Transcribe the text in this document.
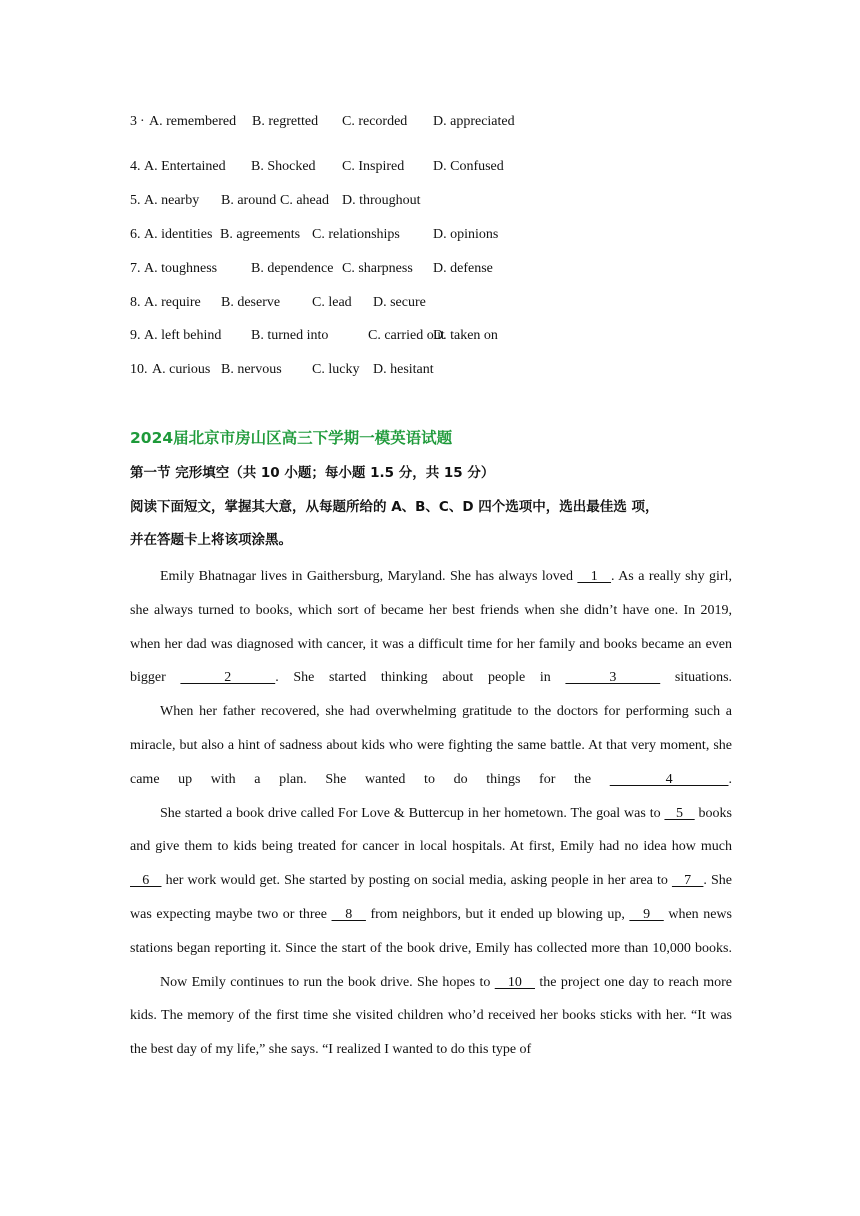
3 · A. remembered B. regretted C. recorded D. appreciated
4. A. Entertained B. Shocked C. Inspired D. Confused
5. A. nearby B. around C. ahead D. throughout
6. A. identities B. agreements C. relationships D. opinions
7. A. toughness B. dependence C. sharpness D. defense
8. A. require B. deserve C. lead D. secure
9. A. left behind B. turned into	C. carried out
D. taken on
10. A. curious B. nervous C. lucky D. hesitant
2024届北京市房山区高三下学期一模英语试题
第一节 完形填空（共 10 小题；每小题 1.5 分，共 15 分）
阅读下面短文，掌握其大意，从每题所给的 A、B、C、D 四个选项中，选出最佳选 项，
并在答题卡上将该项涂黑。

Emily Bhatnagar lives in Gaithersburg, Maryland. She has always loved    1   . As a really shy girl, she always turned to books, which sort of became her best friends when she didn’t have one. In 2019, when her dad was diagnosed with cancer, it was a difficult time for her family and books became an even bigger    2   . She started thinking about people in    3    situations.

When her father recovered, she had overwhelming gratitude to the doctors for performing such a miracle, but also a hint of sadness about kids who were fighting the same battle. At that very moment, she came up with a plan. She wanted to do things for the    4   .

She started a book drive called For Love & Buttercup in her hometown. The goal was to    5    books and give them to kids being treated for cancer in local hospitals. At first, Emily had no idea how much    6    her work would get. She started by posting on social media, asking people in her area to    7   . She was expecting maybe two or three    8    from neighbors, but it ended up blowing up,    9    when news stations began reporting it. Since the start of the book drive, Emily has collected more than 10,000 books.

Now Emily continues to run the book drive. She hopes to    10    the project one day to reach more kids. The memory of the first time she visited children who’d received her books sticks with her. “It was the best day of my life,” she says. “I realized I wanted to do this type of
